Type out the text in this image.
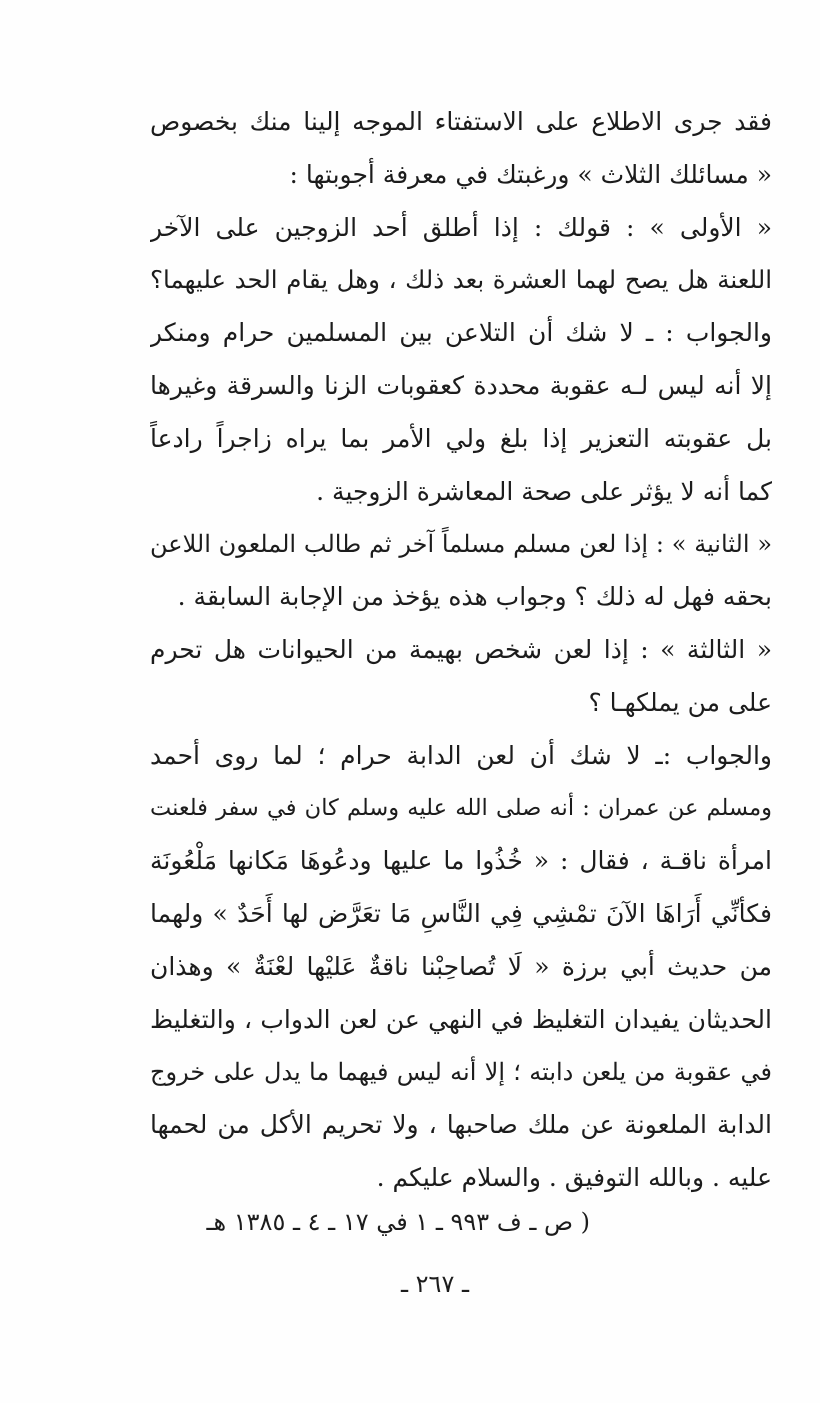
فقد جرى الاطلاع على الاستفتاء الموجه إلينا منك بخصوص
« مسائلك الثلاث » ورغبتك في معرفة أجوبتها :
« الأولى » : قولك : إذا أطلق أحد الزوجين على الآخر
اللعنة هل يصح لهما العشرة بعد ذلك ، وهل يقام الحد عليهما؟
والجواب : ـ لا شك أن التلاعن بين المسلمين حرام ومنكر
إلا أنه ليس لـه عقوبة محددة كعقوبات الزنا والسرقة وغيرها
بل عقوبته التعزير إذا بلغ ولي الأمر بما يراه زاجراً رادعاً
كما أنه لا يؤثر على صحة المعاشرة الزوجية .
« الثانية » : إذا لعن مسلم مسلماً آخر ثم طالب الملعون اللاعن
بحقه فهل له ذلك ؟ وجواب هذه يؤخذ من الإجابة السابقة .
« الثالثة » : إذا لعن شخص بهيمة من الحيوانات هل تحرم
على من يملكهـا ؟
والجواب :ـ لا شك أن لعن الدابة حرام ؛ لما روى أحمد
ومسلم عن عمران : أنه صلى الله عليه وسلم كان في سفر فلعنت
امرأة ناقـة ، فقال : « خُذُوا ما عليها ودعُوهَا مَكانها مَلْعُونَة
فكأنِّي أَرَاهَا الآنَ تمْشِي فِي النَّاسِ مَا تعَرَّض لها أَحَدٌ » ولهما
من حديث أبي برزة « لَا تُصاحِبْنا ناقةٌ عَليْها لعْنَةٌ » وهذان
الحديثان يفيدان التغليظ في النهي عن لعن الدواب ، والتغليظ
في عقوبة من يلعن دابته ؛ إلا أنه ليس فيهما ما يدل على خروج
الدابة الملعونة عن ملك صاحبها ، ولا تحريم الأكل من لحمها
عليه . وبالله التوفيق . والسلام عليكم .
( ص ـ ف ٩٩٣ ـ ١ في ١٧ ـ ٤ ـ ١٣٨٥ هـ
ـ ٢٦٧ ـ
